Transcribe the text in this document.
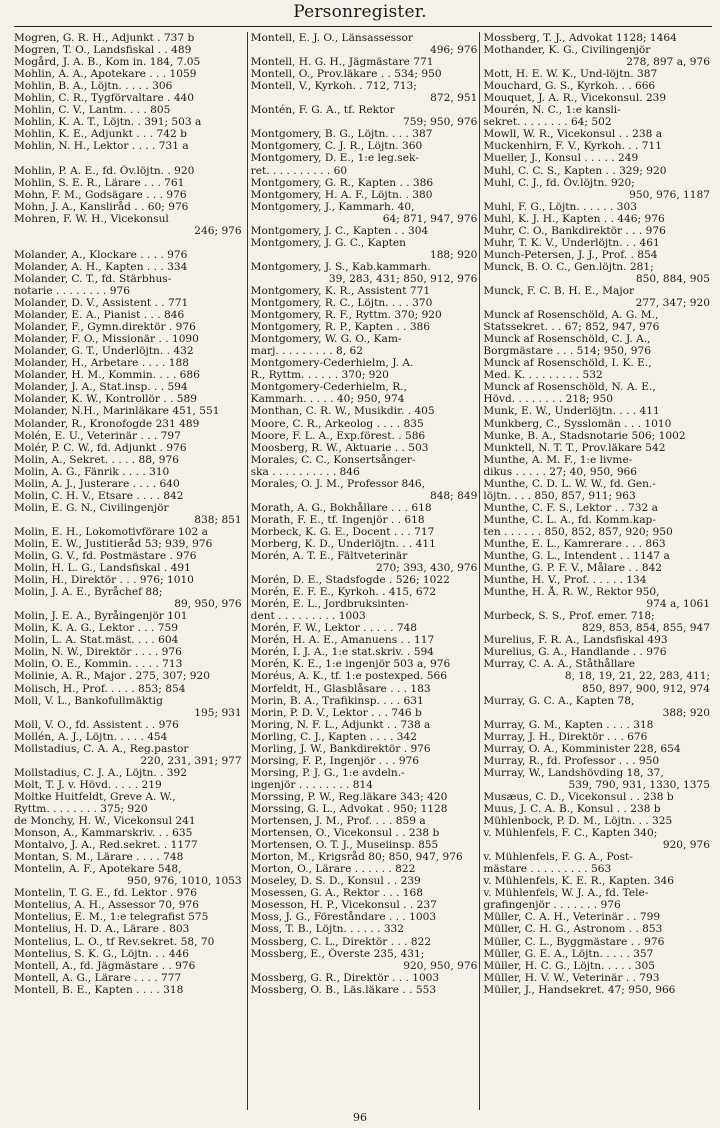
Personregister.
Mogren, G. R. H., Adjunkt . 737 b
Mogren, T. O., Landsfiskal . . 489
Mogård, J. A. B., Kom in. 184, 7.05
Mohlin, A. A., Apotekare . . . 1059
Mohlin, B. A., Löjtn. . . . . 306
Mohlin, C. R., Tygförvaltare . 440
Mohlin, C. V., Lantm. . . . 805
Mohlin, K. A. T., Löjtn. . 391; 503 a
Mohlin, K. E., Adjunkt . . . 742 b
Mohlin, N. H., Lektor . . . . 731 a
Mohlin, P. A. E., fd. Öv.löjtn. . 920
Mohlin, S. E. R., Lärare . . . 761
Mohn, F. M., Godsägare . . . 976
Mohn, J. A., Kansliråd . . 60; 976
Mohren, F. W. H., Vicekonsul
246; 976
Molander, A., Klockare . . . . 976
Molander, A. H., Kapten . . . 334
Molander, C. T., fd. Stärbhus-
notarie . . . . . . . . 976
Molander, D. V., Assistent . . 771
Molander, E. A., Pianist . . . 846
Molander, F., Gymn.direktör . 976
Molander, F. O., Missionär . . 1090
Molander, G. T., Underlöjtn. . 432
Molander, H., Arbetare . . . . 188
Molander, H. M., Kommin. . . . 686
Molander, J. A., Stat.insp. . . 594
Molander, K. W., Kontrollör . . 589
Molander, N.H., Marinläkare 451, 551
Molander, R., Kronofogde 231 489
Molén, E. U., Veterinär . . . 797
Molér, P. C. W., fd. Adjunkt . 976
Molin, A., Sekret. . . . . 88, 976
Molin, A. G., Fänrik . . . . 310
Molin, A. J., Justerare . . . . 640
Molin, C. H. V., Etsare . . . . 842
Molin, E. G. N., Civilingenjör
838; 851
Molin, E. H., Lokomotivförare 102 a
Molin, E. W., Justitieråd 53; 939, 976
Molin, G. V., fd. Postmästare . 976
Molin, H. L. G., Landsfiskal . 491
Molin, H., Direktör . . . 976; 1010
Molin, J. A. E., Byråchef 88;
89, 950, 976
Molin, J. E. A., Byråingenjör 101
Molin, K. A. G., Lektor . . . 759
Molin, L. A. Stat.mäst. . . . 604
Molin, N. W., Direktör . . . . 976
Molin, O. E., Kommin. . . . . 713
Molinie, A. R., Major . 275, 307; 920
Molisch, H., Prof. . . . . 853; 854
Moll, V. L., Bankofullmäktig
195; 931
Moll, V. O., fd. Assistent . . 976
Mollén, A. J., Löjtn. . . . . 454
Mollstadius, C. A. A., Reg.pastor
220, 231, 391; 977
Mollstadius, C. J. A., Löjtn. . 392
Molt, T. J. v. Hövd. . . . . 219
Moltke Huitfeldt, Greve A. W.,
Ryttm. . . . . . . . 375; 920
de Monchy, H. W., Vicekonsul 241
Monson, A., Kammarskriv. . . 635
Montalvo, J. A., Red.sekret. . 1177
Montan, S. M., Lärare . . . . 748
Montelin, A. F., Apotekare 548,
950, 976, 1010, 1053
Montelin, T. G. E., fd. Lektor . 976
Montelius, A. H., Assessor 70, 976
Montelius, E. M., 1:e telegrafist 575
Montelius, H. D. A., Lärare . 803
Montelius, L. O., tf Rev.sekret. 58, 70
Montelius, S. K. G., Löjtn. . . 446
Montell, A., fd. Jägmästare . . 976
Montell, A. G., Lärare . . . . 777
Montell, B. E., Kapten . . . . 318
Montell, E. J. O., Länsassessor
496; 976
Montell, H. G. H., Jägmästare 771
Montell, O., Prov.läkare . . 534; 950
Montell, V., Kyrkoh. . 712, 713;
872, 951
Montén, F. G. A., tf. Rektor
759; 950, 976
Montgomery, B. G., Löjtn. . . . 387
Montgomery, C. J. R., Löjtn. 360
Montgomery, D. E., 1:e leg.sek-
ret. . . . . . . . . . 60
Montgomery, G. R., Kapten . . 386
Montgomery, H. A. F., Löjtn. . 380
Montgomery, J., Kammarh. 40,
64; 871, 947, 976
Montgomery, J. C., Kapten . . 304
Montgomery, J. G. C., Kapten
188; 920
Montgomery, J. S., Kab.kammarh.
39, 283, 431; 850, 912, 976
Montgomery, K. R., Assistent 771
Montgomery, R. C., Löjtn. . . . 370
Montgomery, R. F., Ryttm. 370; 920
Montgomery, R. P., Kapten . . 386
Montgomery, W. G. O., Kam-
marj. . . . . . . . . 8, 62
Montgomery-Cederhielm, J. A.
R., Ryttm. . . . . . 370; 920
Montgomery-Cederhielm, R.,
Kammarh. . . . . 40; 950, 974
Monthan, C. R. W., Musikdir. . 405
Moore, C. R., Arkeolog . . . . 835
Moore, F. L. A., Exp.förest. . 586
Moosberg, R. W., Aktuarie . . 503
Morales, C. C., Konsertsånger-
ska . . . . . . . . . . 846
Morales, O. J. M., Professor 846,
848; 849
Morath, A. G., Bokhållare . . . 618
Morath, F. E., tf. Ingenjör . . 618
Morbeck, K. G. E., Docent . . . 717
Morberg, K. D., Underlöjtn. . . 411
Morén, A. T. E., Fältveterinär
270; 393, 430, 976
Morén, D. E., Stadsfogde . 526; 1022
Morén, E. F. E., Kyrkoh. . 415, 672
Morén, E. L., Jordbruksinten-
dent . . . . . . . . . 1003
Morén, F. W., Lektor . . . . . 748
Morén, H. A. E., Amanuens . . 117
Morén, I. J. A., 1:e stat.skriv. . 594
Morén, K. E., 1:e ingenjör 503 a, 976
Moréus, A. K., tf. 1:e postexped. 566
Morfeldt, H., Glasblåsare . . . 183
Morin, B. A., Trafikinsp. . . . 631
Morin, P. D. V., Lektor . . . 746 b
Moring, N. F. L., Adjunkt . . 738 a
Morling, C. J., Kapten . . . . 342
Morling, J. W., Bankdirektör . 976
Morsing, F. P., Ingenjör . . . 976
Morsing, P. J. G., 1:e avdeln.-
ingenjör . . . . . . . . 814
Morssing, P. W., Reg.läkare 343; 420
Morssing, G. L., Advokat . 950; 1128
Mortensen, J. M., Prof. . . . 859 a
Mortensen, O., Vicekonsul . . 238 b
Mortensen, O. T. J., Museiinsp. 855
Morton, M., Krigsråd 80; 850, 947, 976
Morton, O., Lärare . . . . . . 822
Moseley, D. S. D., Konsul . . 239
Mosessen, G. A., Rektor . . . 168
Mosesson, H. P., Vicekonsul . . 237
Moss, J. G., Föreståndare . . . 1003
Moss, T. B., Löjtn. . . . . . 332
Mossberg, C. L., Direktör . . . 822
Mossberg, E., Överste 235, 431;
920, 950, 976
Mossberg, G. R., Direktör . . . 1003
Mossberg, O. B., Läs.läkare . . 553
Mossberg, T. J., Advokat 1128; 1464
Mothander, K. G., Civilingenjör
278, 897 a, 976
Mott, H. E. W. K., Und-löjtn. 387
Mouchard, G. S., Kyrkoh. . . 666
Mouquet, J. A. R., Vicekonsul. 239
Mourén, N. C., 1:e kansli-
sekret. . . . . . . . 64; 502
Mowll, W. R., Vicekonsul . . 238 a
Muckenhirn, F. V., Kyrkoh. . . 711
Mueller, J., Konsul . . . . . 249
Muhl, C. C. S., Kapten . . 329; 920
Muhl, C. J., fd. Öv.löjtn. 920;
950, 976, 1187
Muhl, F. G., Löjtn. . . . . . 303
Muhl, K. J. H., Kapten . . 446; 976
Muhr, C. O., Bankdirektör . . . 976
Muhr, T. K. V., Underlöjtn. . . 461
Munch-Petersen, J. J., Prof. . 854
Munck, B. O. C., Gen.löjtn. 281;
850, 884, 905
Munck, F. C. B. H. E., Major
277, 347; 920
Munck af Rosenschöld, A. G. M.,
Statssekret. . . 67; 852, 947, 976
Munck af Rosenschöld, C. J. A.,
Borgmästare . . . 514; 950, 976
Munck af Rosenschöld, I. K. E.,
Med. K. . . . . . . . . 532
Munck af Rosenschöld, N. A. E.,
Hövd. . . . . . . . 218; 950
Munk, E. W., Underlöjtn. . . . 411
Munkberg, C., Sysslomän . . . 1010
Munke, B. A., Stadsnotarie 506; 1002
Munktell, N. T. T., Prov.läkare 542
Munthe, A. M. F., 1:e livme-
dikus . . . . . 27; 40, 950, 966
Munthe, C. D. L. W. W., fd. Gen.-
löjtn. . . . 850, 857, 911; 963
Munthe, C. F. S., Lektor . . 732 a
Munthe, C. L. A., fd. Komm.kap-
ten . . . . . . 850, 852, 857, 920; 950
Munthe, E. L., Kamrerare . . . 863
Munthe, G. L., Intendent . . 1147 a
Munthe, G. P. F. V., Målare . . 842
Munthe, H. V., Prof. . . . . . 134
Munthe, H. Å. R. W., Rektor 950,
974 a, 1061
Murbeck, S. S., Prof. emer. 718;
829, 853, 854, 855, 947
Murelius, F. R. A., Landsfiskal 493
Murelius, G. A., Handlande . . 976
Murray, C. A. A., Ståthållare
8, 18, 19, 21, 22, 283, 411;
850, 897, 900, 912, 974
Murray, G. C. A., Kapten 78,
388; 920
Murray, G. M., Kapten . . . . 318
Murray, J. H., Direktör . . . 676
Murray, O. A., Komminister 228, 654
Murray, R., fd. Professor . . . 950
Murray, W., Landshövding 18, 37,
539, 790, 931, 1330, 1375
Musæus, C. D., Vicekonsul . . 238 b
Muus, J. C. A. B., Konsul . . 238 b
Mühlenbock, P. D. M., Löjtn. . . 325
v. Mühlenfels, F. C., Kapten 340;
920, 976
v. Mühlenfels, F. G. A., Post-
mästare . . . . . . . . . 563
v. Mühlenfels, K. E. R., Kapten. 346
v. Mühlenfels, W. J. A., fd. Tele-
grafingenjör . . . . . . . 976
Müller, C. A. H., Veterinär . . 799
Müller, C. H. G., Astronom . . 853
Müller, C. L., Byggmästare . . 976
Müller, G. E. A., Löjtn. . . . . 357
Müller, H. C. G., Löjtn. . . . . 305
Müller, H. V. W., Veterinär . . 793
Müller, J., Handsekret. 47; 950, 966
96
